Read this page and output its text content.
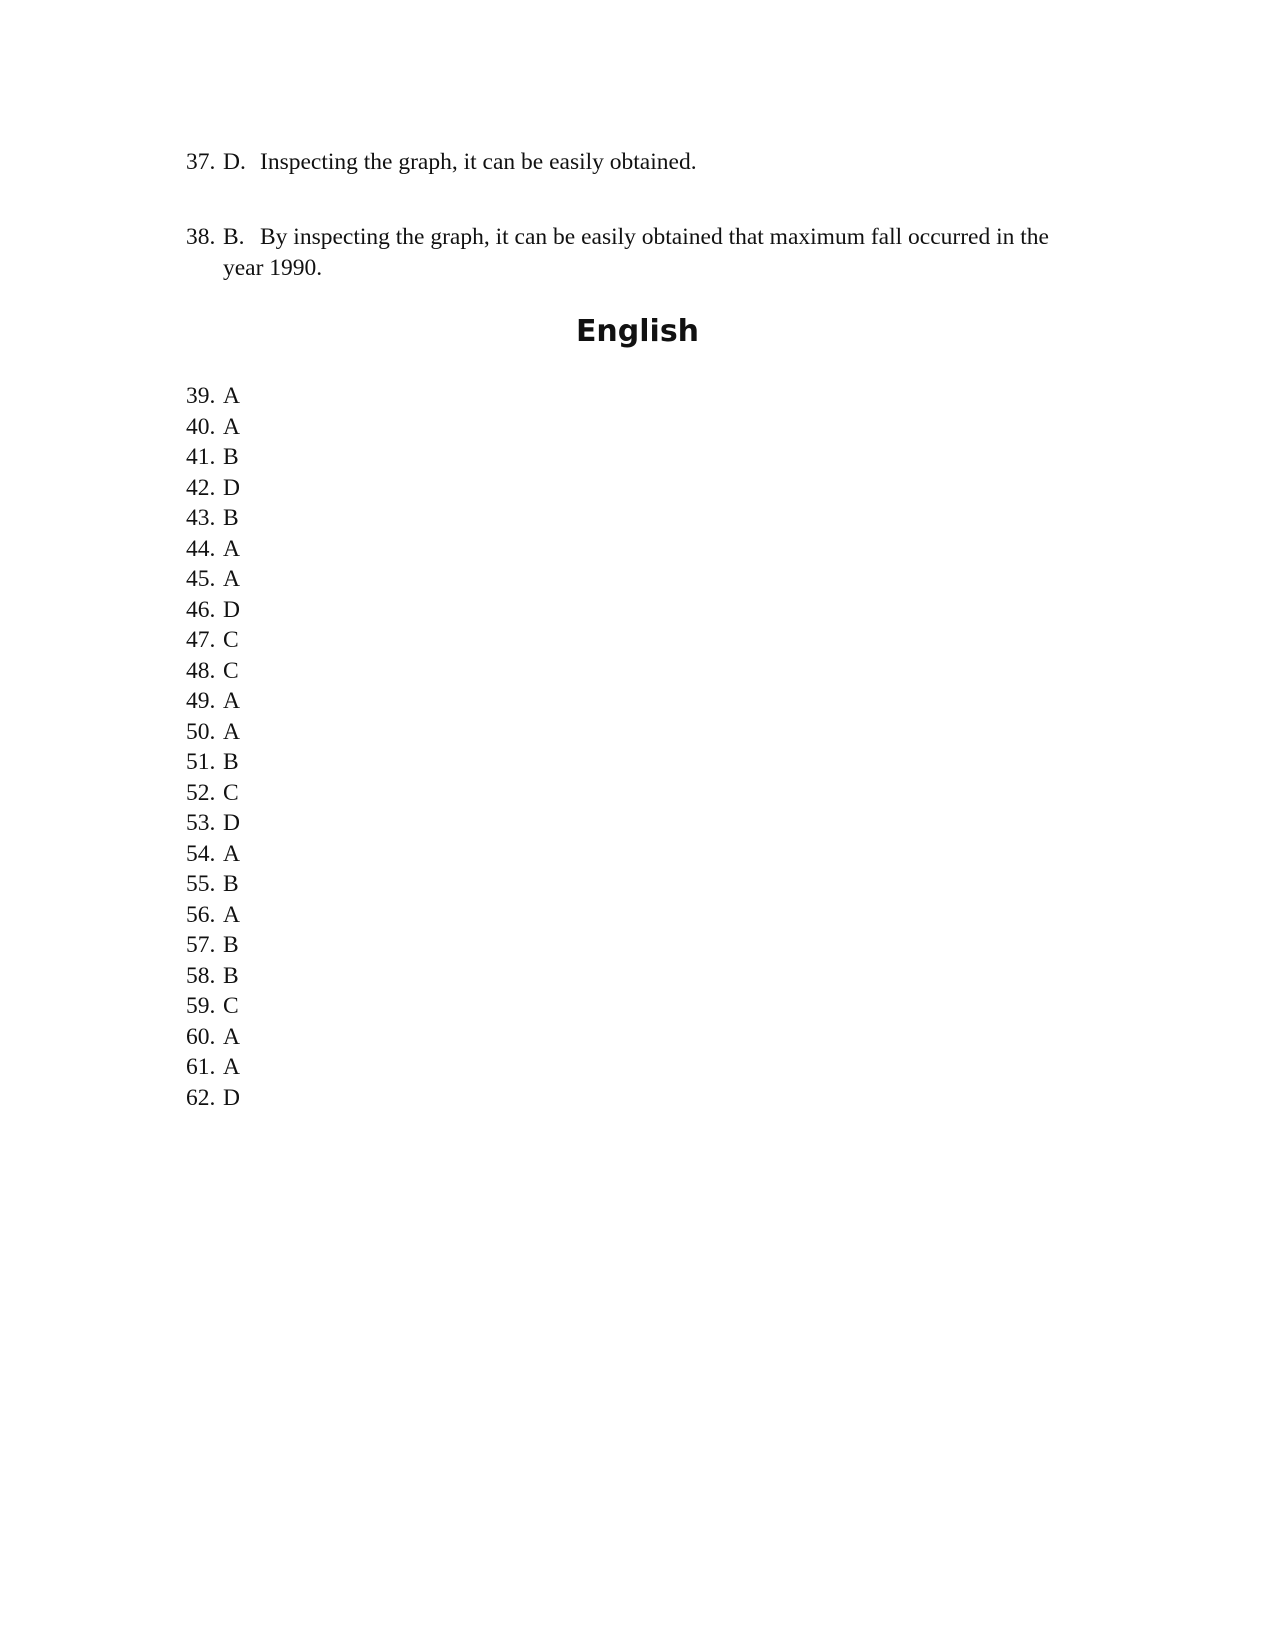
37. D. Inspecting the graph, it can be easily obtained.
38. B. By inspecting the graph, it can be easily obtained that maximum fall occurred in the
year 1990.
English
39. A
40. A
41. B
42. D
43. B
44. A
45. A
46. D
47. C
48. C
49. A
50. A
51. B
52. C
53. D
54. A
55. B
56. A
57. B
58. B
59. C
60. A
61. A
62. D
